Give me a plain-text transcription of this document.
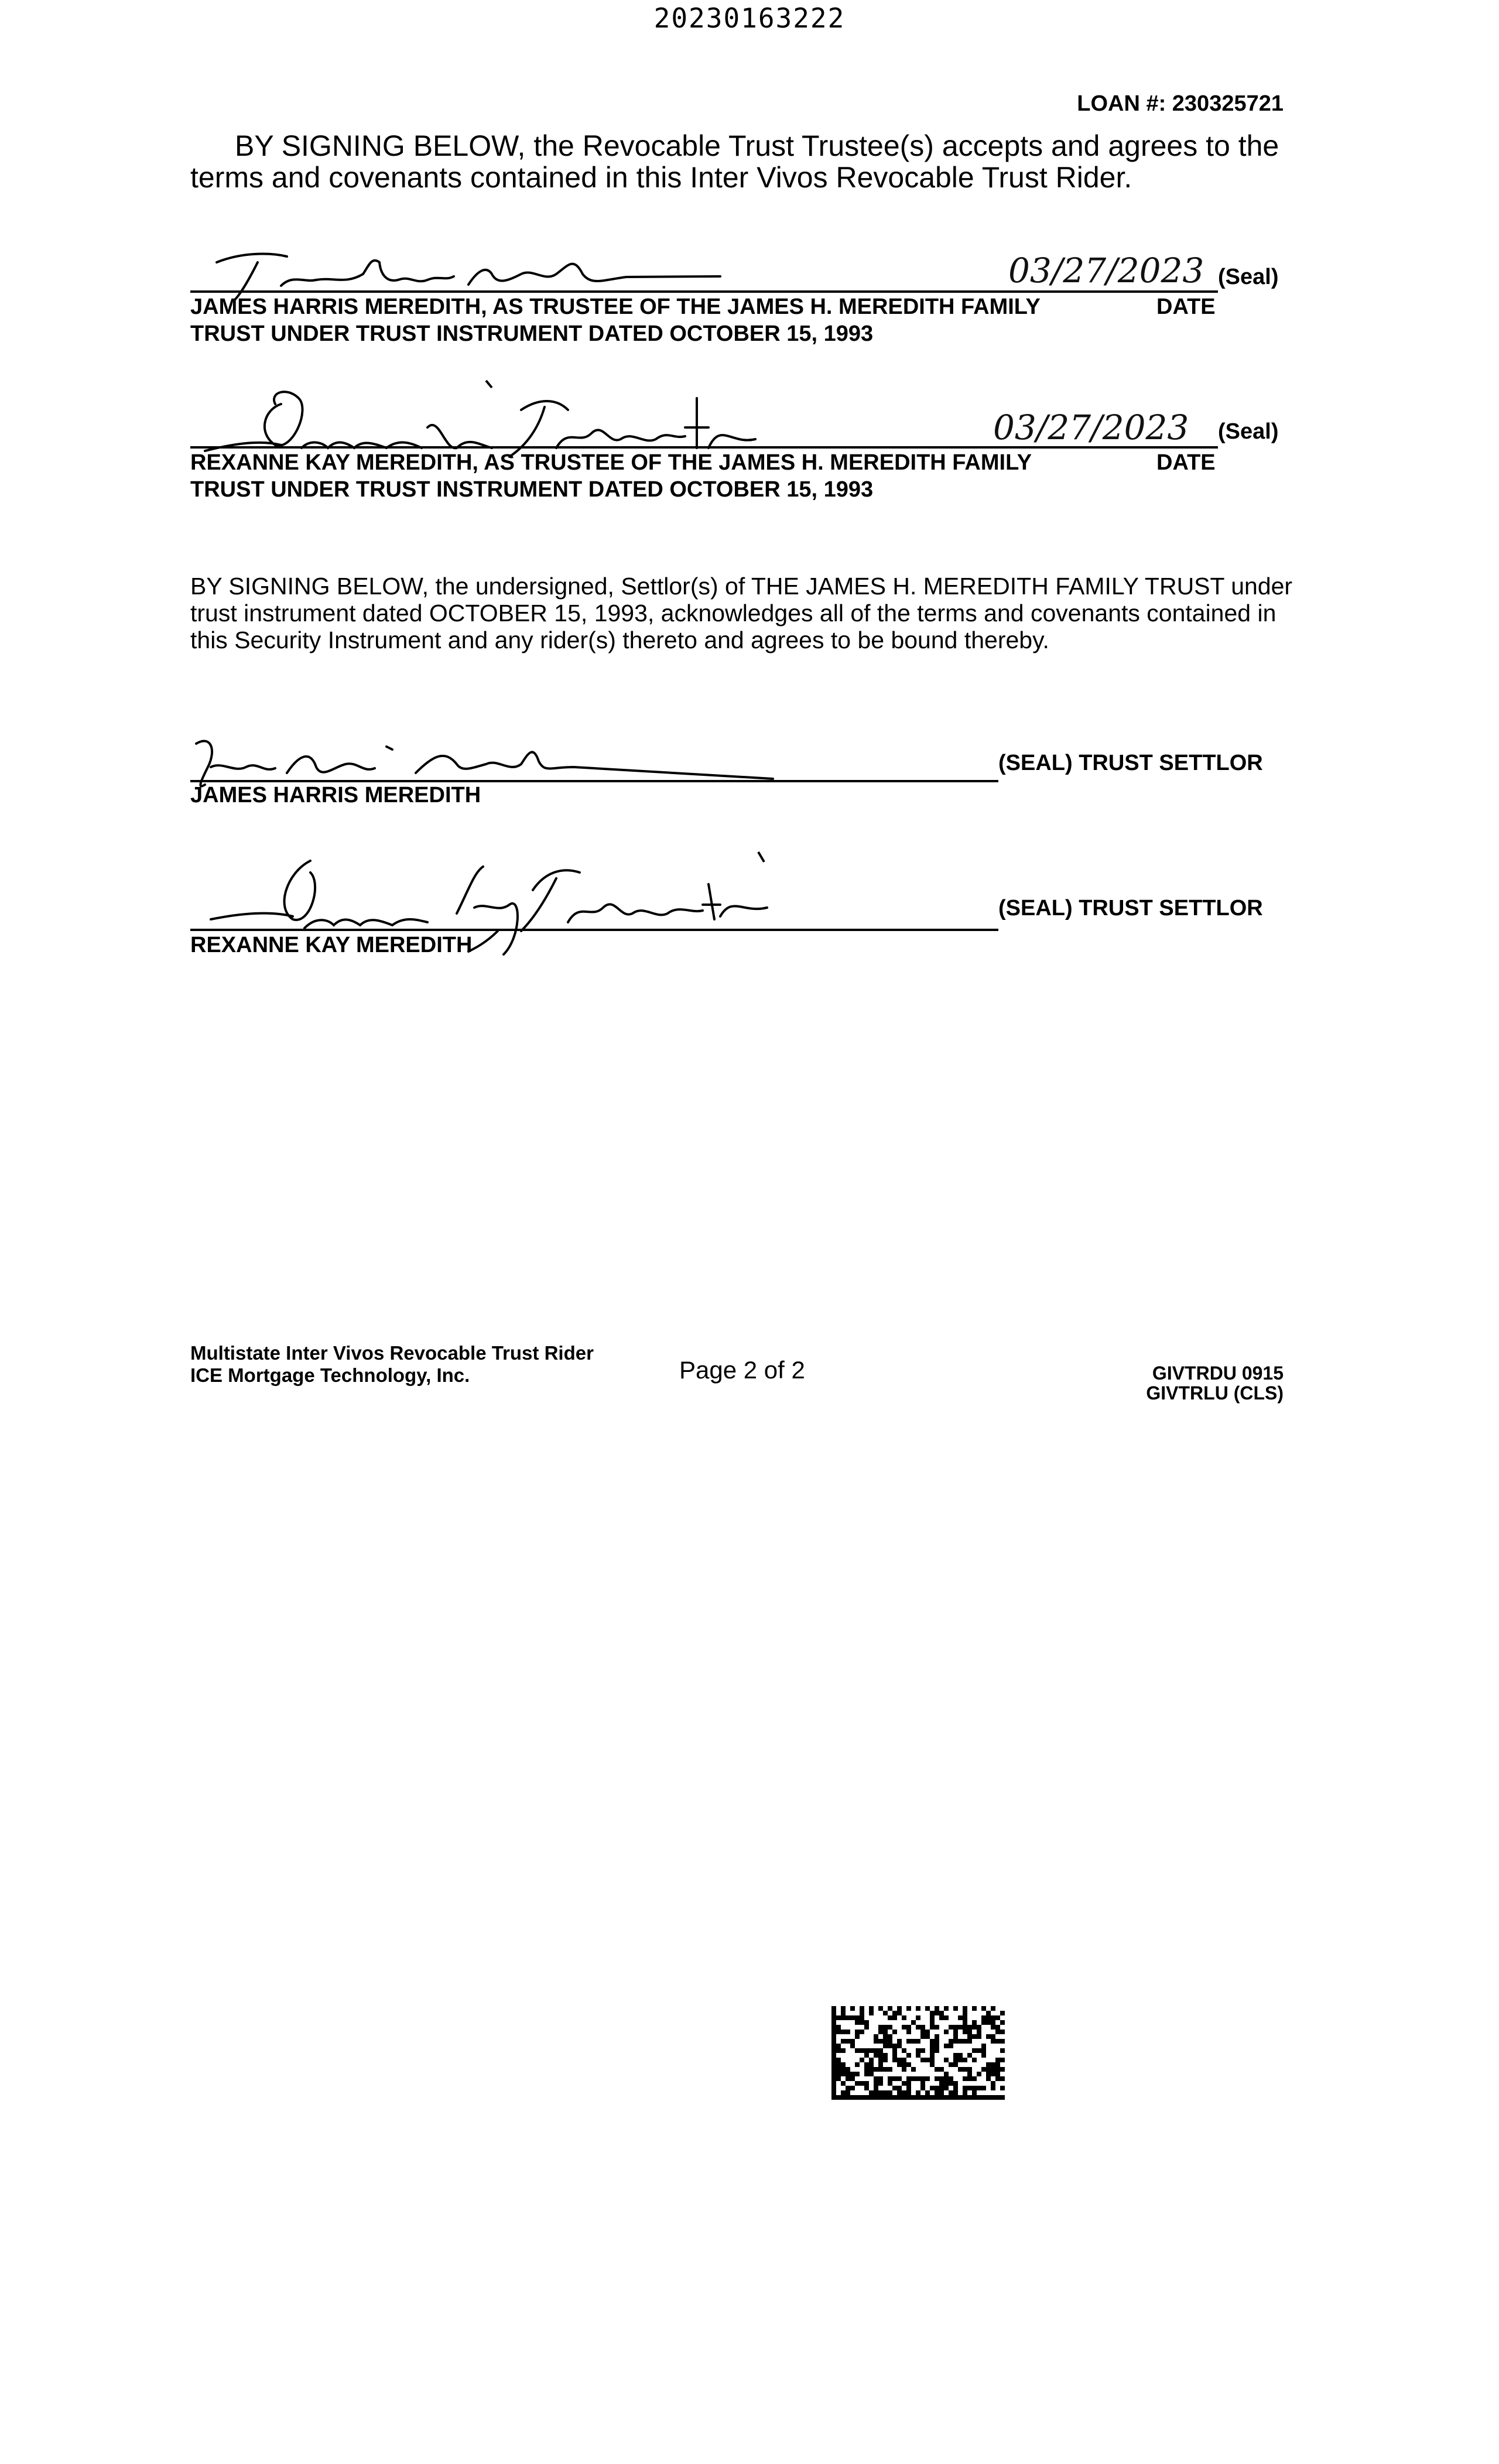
20230163222
LOAN #: 230325721
BY SIGNING BELOW, the Revocable Trust Trustee(s) accepts and agrees to the terms and covenants contained in this Inter Vivos Revocable Trust Rider.
03/27/2023 (Seal)
JAMES HARRIS MEREDITH, AS TRUSTEE OF THE JAMES H. MEREDITH FAMILY	DATE
TRUST UNDER TRUST INSTRUMENT DATED OCTOBER 15, 1993
03/27/2023 (Seal)
REXANNE KAY MEREDITH, AS TRUSTEE OF THE JAMES H. MEREDITH FAMILY	DATE
TRUST UNDER TRUST INSTRUMENT DATED OCTOBER 15, 1993
BY SIGNING BELOW, the undersigned, Settlor(s) of THE JAMES H. MEREDITH FAMILY TRUST under trust instrument dated OCTOBER 15, 1993, acknowledges all of the terms and covenants contained in this Security Instrument and any rider(s) thereto and agrees to be bound thereby.
JAMES HARRIS MEREDITH
(SEAL) TRUST SETTLOR
REXANNE KAY MEREDITH
(SEAL) TRUST SETTLOR
Multistate Inter Vivos Revocable Trust Rider
ICE Mortgage Technology, Inc.	Page 2 of 2	GIVTRDU 0915
GIVTRLU (CLS)
